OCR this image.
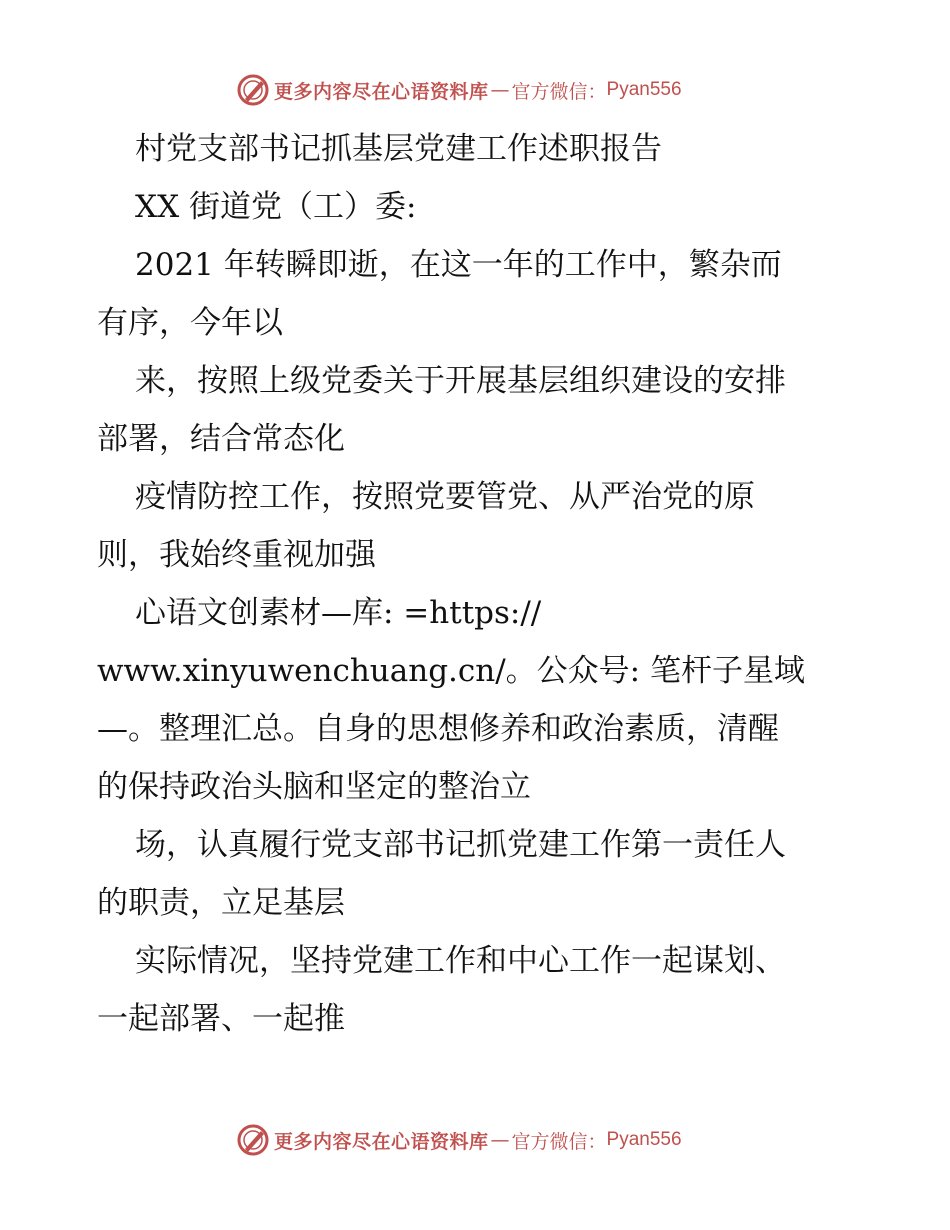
更多内容尽在心语资料库 — 官方微信： Pyan556
村党支部书记抓基层党建工作述职报告
XX 街道党（工）委:
2021 年转瞬即逝，在这一年的工作中，繁杂而
有序，今年以
来，按照上级党委关于开展基层组织建设的安排
部署，结合常态化
疫情防控工作，按照党要管党、从严治党的原
则，我始终重视加强
心语文创素材—库: =https://
www.xinyuwenchuang.cn/。公众号: 笔杆子星域
—。整理汇总。自身的思想修养和政治素质，清醒
的保持政治头脑和坚定的整治立
场，认真履行党支部书记抓党建工作第一责任人
的职责，立足基层
实际情况，坚持党建工作和中心工作一起谋划、
一起部署、一起推
更多内容尽在心语资料库 — 官方微信： Pyan556
